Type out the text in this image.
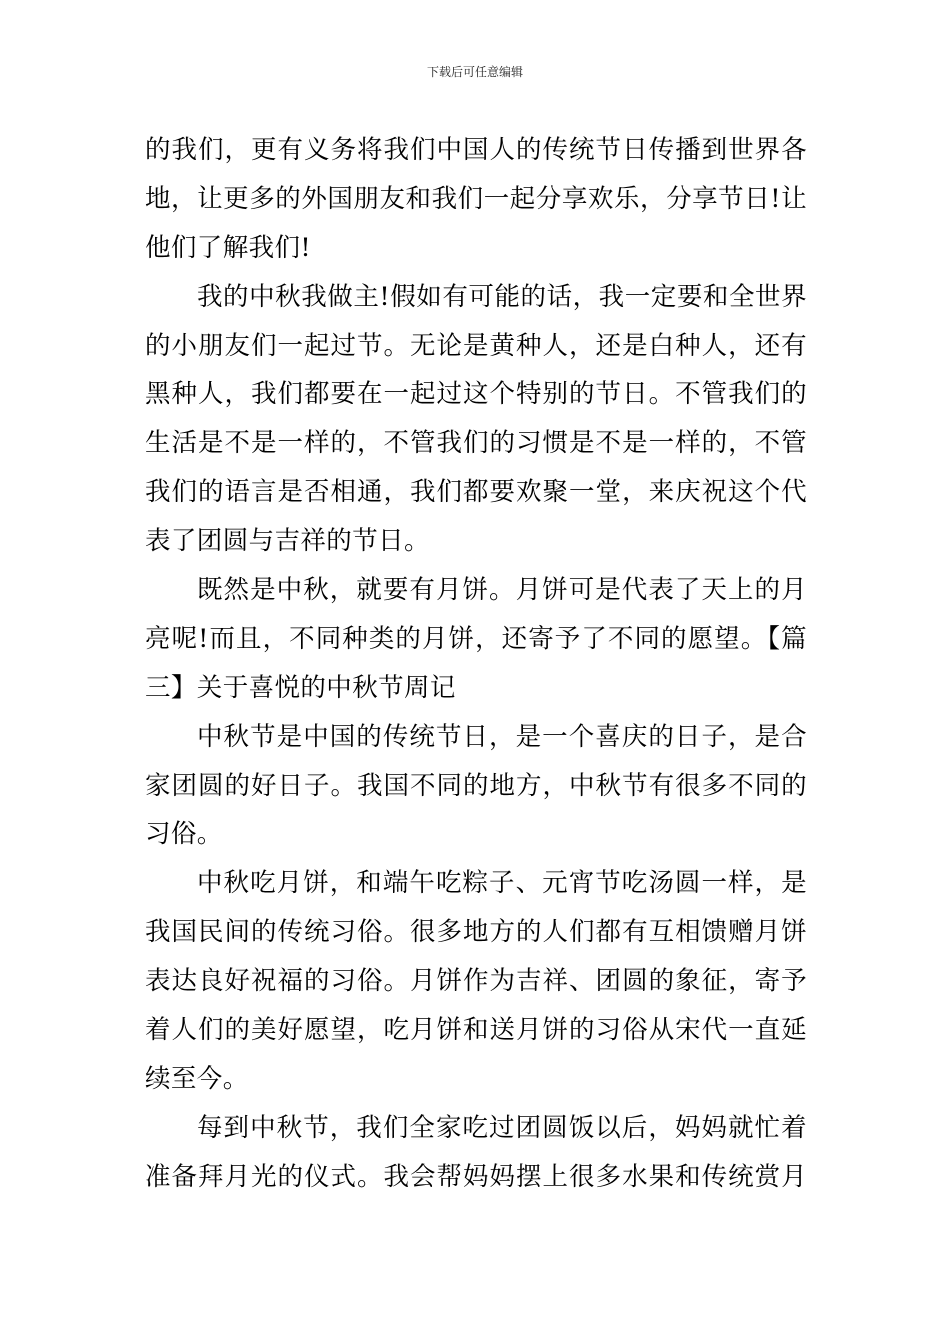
下载后可任意编辑
的我们，更有义务将我们中国人的传统节日传播到世界各
地，让更多的外国朋友和我们一起分享欢乐，分享节日!让
他们了解我们!
我的中秋我做主!假如有可能的话，我一定要和全世界
的小朋友们一起过节。无论是黄种人，还是白种人，还有
黑种人，我们都要在一起过这个特别的节日。不管我们的
生活是不是一样的，不管我们的习惯是不是一样的，不管
我们的语言是否相通，我们都要欢聚一堂，来庆祝这个代
表了团圆与吉祥的节日。
既然是中秋，就要有月饼。月饼可是代表了天上的月
亮呢!而且，不同种类的月饼，还寄予了不同的愿望。【篇
三】关于喜悦的中秋节周记
中秋节是中国的传统节日，是一个喜庆的日子，是合
家团圆的好日子。我国不同的地方，中秋节有很多不同的
习俗。
中秋吃月饼，和端午吃粽子、元宵节吃汤圆一样，是
我国民间的传统习俗。很多地方的人们都有互相馈赠月饼
表达良好祝福的习俗。月饼作为吉祥、团圆的象征，寄予
着人们的美好愿望，吃月饼和送月饼的习俗从宋代一直延
续至今。
每到中秋节，我们全家吃过团圆饭以后，妈妈就忙着
准备拜月光的仪式。我会帮妈妈摆上很多水果和传统赏月
